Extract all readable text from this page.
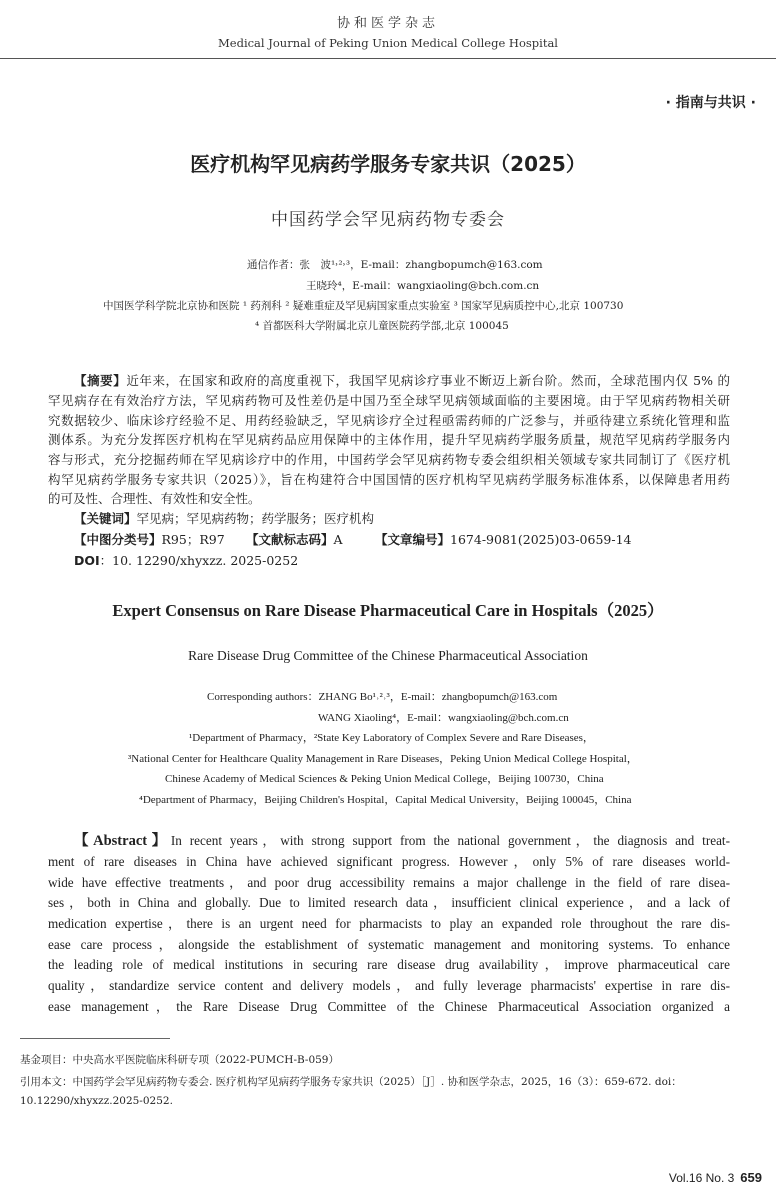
协和医学杂志
Medical Journal of Peking Union Medical College Hospital
· 指南与共识 ·
医疗机构罕见病药学服务专家共识（2025）
中国药学会罕见病药物专委会
通信作者：张　波¹˒²˒³，E-mail：zhangbopumch@163.com
王晓玲⁴，E-mail：wangxiaoling@bch.com.cn
中国医学科学院北京协和医院 ¹ 药剂科 ² 疑难重症及罕见病国家重点实验室 ³ 国家罕见病质控中心,北京 100730
⁴ 首都医科大学附属北京儿童医院药学部,北京 100045
【摘要】近年来，在国家和政府的高度重视下，我国罕见病诊疗事业不断迈上新台阶。然而，全球范围内仅 5% 的
罕见病存在有效治疗方法，罕见病药物可及性差仍是中国乃至全球罕见病领域面临的主要困境。由于罕见病药物相关研
究数据较少、临床诊疗经验不足、用药经验缺乏，罕见病诊疗全过程亟需药师的广泛参与，并亟待建立系统化管理和监
测体系。为充分发挥医疗机构在罕见病药品应用保障中的主体作用，提升罕见病药学服务质量，规范罕见病药学服务内
容与形式，充分挖掘药师在罕见病诊疗中的作用，中国药学会罕见病药物专委会组织相关领域专家共同制订了《医疗机
构罕见病药学服务专家共识（2025）》，旨在构建符合中国国情的医疗机构罕见病药学服务标准体系，以保障患者用药
的可及性、合理性、有效性和安全性。
【关键词】罕见病；罕见病药物；药学服务；医疗机构
【中图分类号】R95；R97 【文献标志码】A	【文章编号】1674-9081(2025)03-0659-14
DOI：10. 12290/xhyxzz. 2025-0252
Expert Consensus on Rare Disease Pharmaceutical Care in Hospitals（2025）
Rare Disease Drug Committee of the Chinese Pharmaceutical Association
Corresponding authors：ZHANG Bo¹˒²˒³，E-mail：zhangbopumch@163.com
WANG Xiaoling⁴，E-mail：wangxiaoling@bch.com.cn
¹Department of Pharmacy，²State Key Laboratory of Complex Severe and Rare Diseases，
³National Center for Healthcare Quality Management in Rare Diseases，Peking Union Medical College Hospital，
Chinese Academy of Medical Sciences & Peking Union Medical College，Beijing 100730，China
⁴Department of Pharmacy，Beijing Children's Hospital，Capital Medical University，Beijing 100045，China
【Abstract】In recent years，with strong support from the national government，the diagnosis and treat-
ment of rare diseases in China have achieved significant progress. However，only 5% of rare diseases world-
wide have effective treatments，and poor drug accessibility remains a major challenge in the field of rare disea-
ses，both in China and globally. Due to limited research data，insufficient clinical experience，and a lack of
medication expertise，there is an urgent need for pharmacists to play an expanded role throughout the rare dis-
ease care process，alongside the establishment of systematic management and monitoring systems. To enhance
the leading role of medical institutions in securing rare disease drug availability，improve pharmaceutical care
quality，standardize service content and delivery models，and fully leverage pharmacists' expertise in rare dis-
ease management，the Rare Disease Drug Committee of the Chinese Pharmaceutical Association organized a
基金项目：中央高水平医院临床科研专项（2022-PUMCH-B-059）
引用本文：中国药学会罕见病药物专委会. 医疗机构罕见病药学服务专家共识（2025）［J］. 协和医学杂志，2025，16（3）：659-672. doi：
10.12290/xhyxzz.2025-0252.
Vol.16 No. 3 659
